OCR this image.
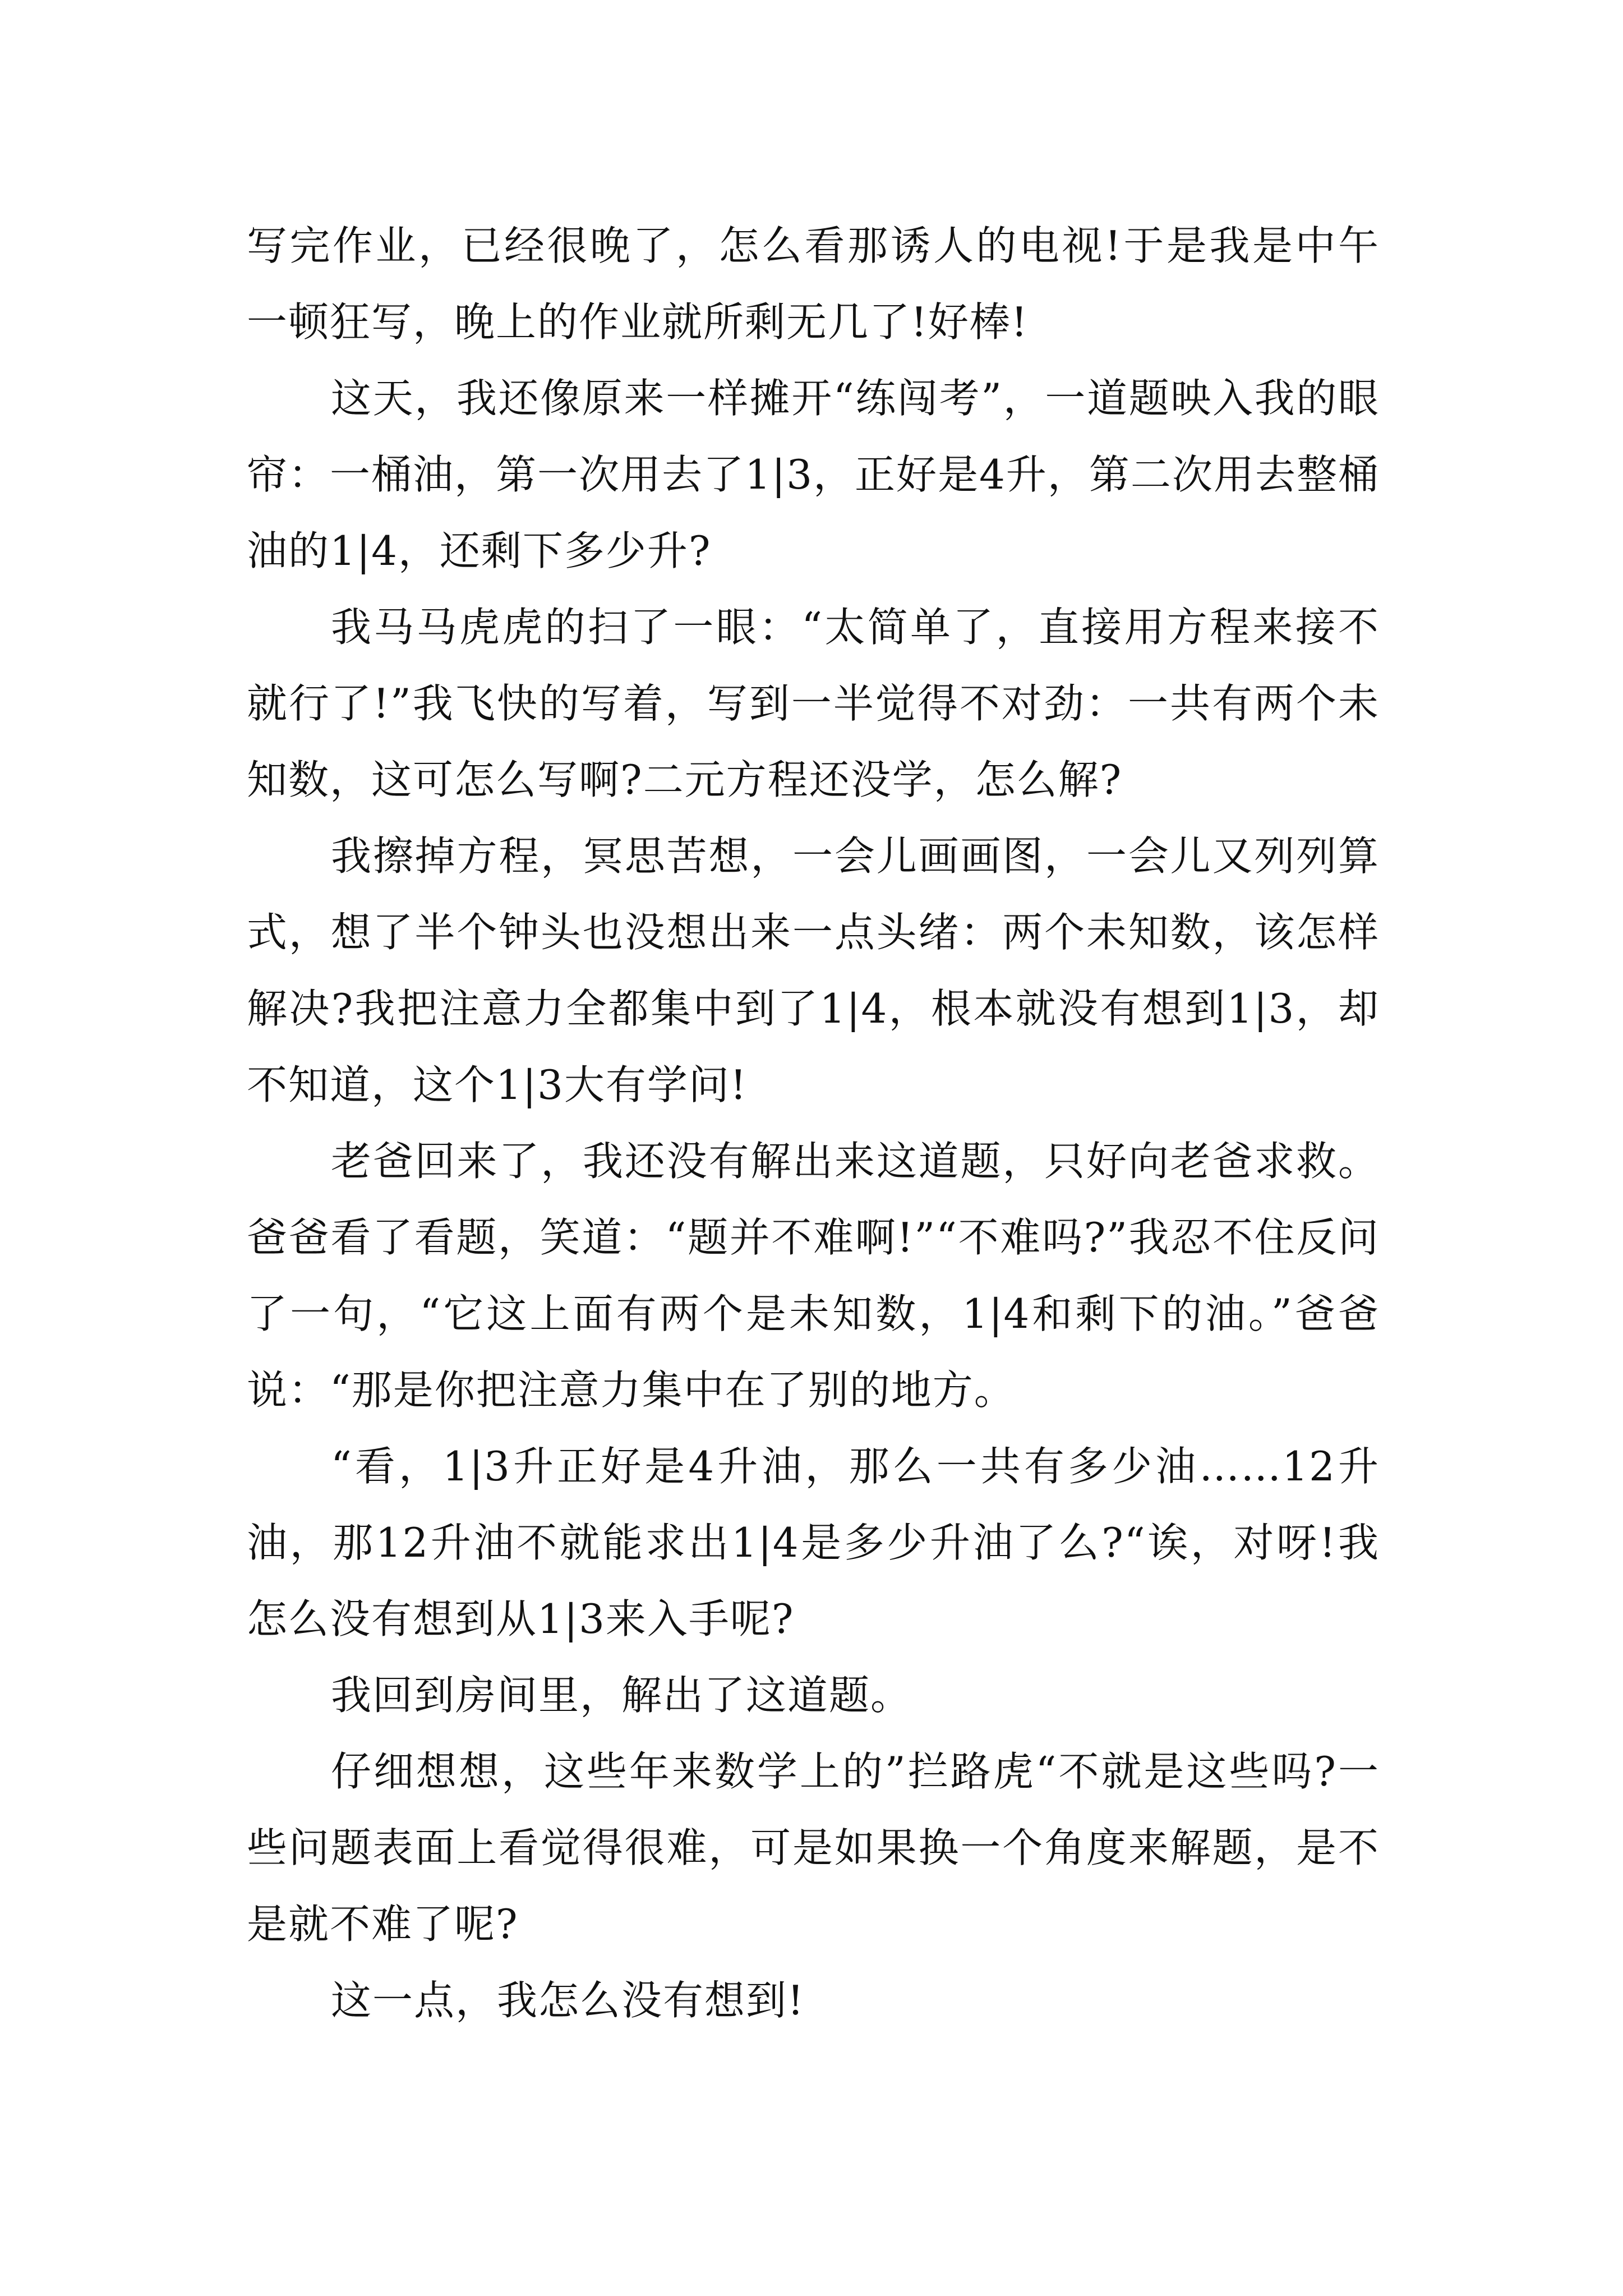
写完作业，已经很晚了，怎么看那诱人的电视!于是我是中午一顿狂写，晚上的作业就所剩无几了!好棒!

这天，我还像原来一样摊开“练闯考”，一道题映入我的眼帘：一桶油，第一次用去了1|3，正好是4升，第二次用去整桶油的1|4，还剩下多少升?

我马马虎虎的扫了一眼：“太简单了，直接用方程来接不就行了!”我飞快的写着，写到一半觉得不对劲：一共有两个未知数，这可怎么写啊?二元方程还没学，怎么解?

我擦掉方程，冥思苦想，一会儿画画图，一会儿又列列算式，想了半个钟头也没想出来一点头绪：两个未知数，该怎样解决?我把注意力全都集中到了1|4，根本就没有想到1|3，却不知道，这个1|3大有学问!

老爸回来了，我还没有解出来这道题，只好向老爸求救。爸爸看了看题，笑道：“题并不难啊!”“不难吗?”我忍不住反问了一句，“它这上面有两个是未知数，1|4和剩下的油。”爸爸说：“那是你把注意力集中在了别的地方。

“看，1|3升正好是4升油，那么一共有多少油……12升油，那12升油不就能求出1|4是多少升油了么?“诶，对呀!我怎么没有想到从1|3来入手呢?

我回到房间里，解出了这道题。

仔细想想，这些年来数学上的”拦路虎“不就是这些吗?一些问题表面上看觉得很难，可是如果换一个角度来解题，是不是就不难了呢?

这一点，我怎么没有想到!
